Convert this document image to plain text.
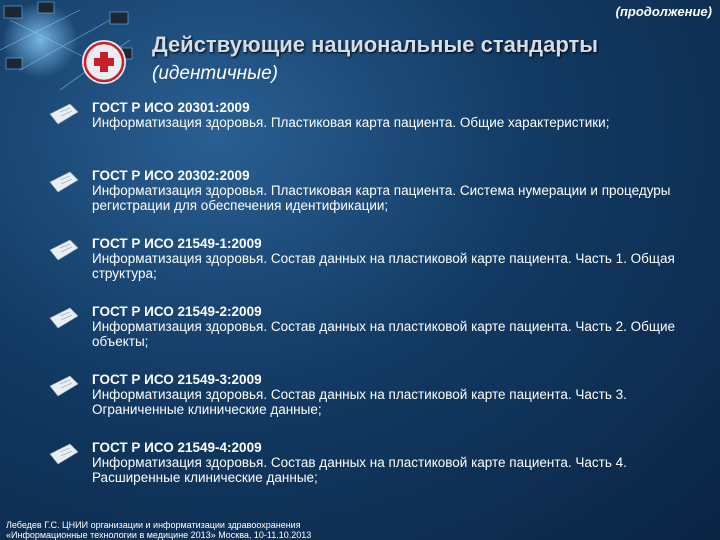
(продолжение)
Действующие национальные стандарты
(идентичные)
ГОСТ Р ИСО 20301:2009
Информатизация здоровья. Пластиковая карта пациента. Общие характеристики;
ГОСТ Р ИСО 20302:2009
Информатизация здоровья. Пластиковая карта пациента. Система нумерации и процедуры регистрации для обеспечения идентификации;
ГОСТ Р ИСО 21549-1:2009
Информатизация здоровья. Состав данных на пластиковой карте пациента. Часть 1. Общая структура;
ГОСТ Р ИСО 21549-2:2009
Информатизация здоровья. Состав данных на пластиковой карте пациента. Часть 2. Общие объекты;
ГОСТ Р ИСО 21549-3:2009
Информатизация здоровья. Состав данных на пластиковой карте пациента. Часть 3. Ограниченные клинические данные;
ГОСТ Р ИСО 21549-4:2009
Информатизация здоровья. Состав данных на пластиковой карте пациента. Часть 4. Расширенные клинические данные;
Лебедев Г.С. ЦНИИ организации и информатизации здравоохранения
«Информационные технологии в медицине 2013» Москва, 10-11.10.2013
